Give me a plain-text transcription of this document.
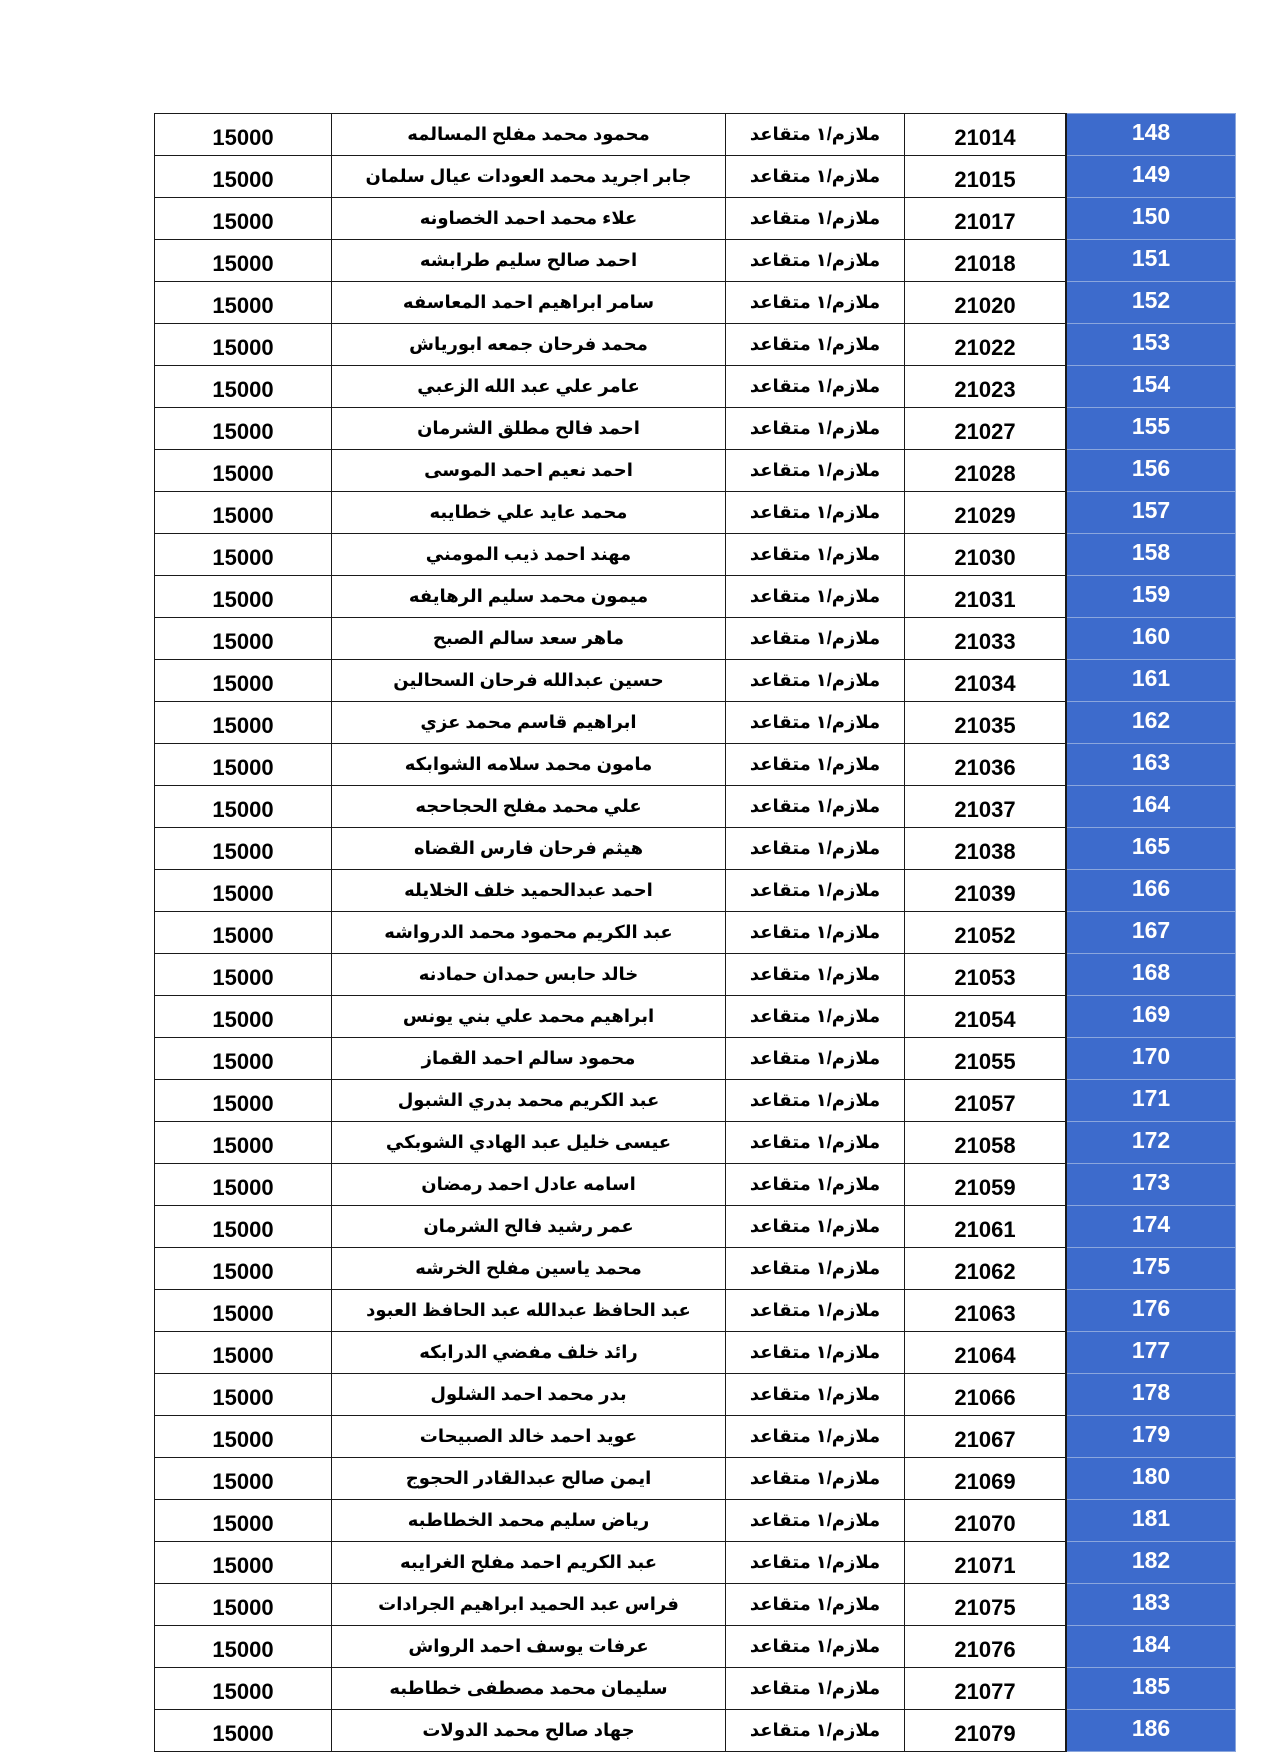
15000	محمود محمد مفلح المسالمه	ملازم/١ متقاعد	21014	148
15000	جابر اجريد محمد العودات عيال سلمان	ملازم/١ متقاعد	21015	149
15000	علاء محمد احمد الخصاونه	ملازم/١ متقاعد	21017	150
15000	احمد صالح سليم طرابشه	ملازم/١ متقاعد	21018	151
15000	سامر ابراهيم احمد المعاسفه	ملازم/١ متقاعد	21020	152
15000	محمد فرحان جمعه ابورياش	ملازم/١ متقاعد	21022	153
15000	عامر علي عبد الله الزعبي	ملازم/١ متقاعد	21023	154
15000	احمد فالح مطلق الشرمان	ملازم/١ متقاعد	21027	155
15000	احمد نعيم احمد الموسى	ملازم/١ متقاعد	21028	156
15000	محمد عايد علي خطايبه	ملازم/١ متقاعد	21029	157
15000	مهند احمد ذيب المومني	ملازم/١ متقاعد	21030	158
15000	ميمون محمد سليم الرهايفه	ملازم/١ متقاعد	21031	159
15000	ماهر سعد سالم الصبح	ملازم/١ متقاعد	21033	160
15000	حسين عبدالله فرحان السحالين	ملازم/١ متقاعد	21034	161
15000	ابراهيم قاسم محمد عزي	ملازم/١ متقاعد	21035	162
15000	مامون محمد سلامه الشوابكه	ملازم/١ متقاعد	21036	163
15000	علي محمد مفلح الحجاحجه	ملازم/١ متقاعد	21037	164
15000	هيثم فرحان فارس القضاه	ملازم/١ متقاعد	21038	165
15000	احمد عبدالحميد خلف الخلايله	ملازم/١ متقاعد	21039	166
15000	عبد الكريم محمود محمد الدرواشه	ملازم/١ متقاعد	21052	167
15000	خالد حابس حمدان حمادنه	ملازم/١ متقاعد	21053	168
15000	ابراهيم محمد علي بني يونس	ملازم/١ متقاعد	21054	169
15000	محمود سالم احمد القماز	ملازم/١ متقاعد	21055	170
15000	عبد الكريم محمد بدري الشبول	ملازم/١ متقاعد	21057	171
15000	عيسى خليل عبد الهادي الشوبكي	ملازم/١ متقاعد	21058	172
15000	اسامه عادل احمد رمضان	ملازم/١ متقاعد	21059	173
15000	عمر رشيد فالح الشرمان	ملازم/١ متقاعد	21061	174
15000	محمد ياسين مفلح الخرشه	ملازم/١ متقاعد	21062	175
15000	عبد الحافظ عبدالله عبد الحافظ العبود	ملازم/١ متقاعد	21063	176
15000	رائد خلف مفضي الدرابكه	ملازم/١ متقاعد	21064	177
15000	بدر محمد احمد الشلول	ملازم/١ متقاعد	21066	178
15000	عويد احمد خالد الصبيحات	ملازم/١ متقاعد	21067	179
15000	ايمن صالح عبدالقادر الحجوج	ملازم/١ متقاعد	21069	180
15000	رياض سليم محمد الخطاطبه	ملازم/١ متقاعد	21070	181
15000	عبد الكريم احمد مفلح الغرايبه	ملازم/١ متقاعد	21071	182
15000	فراس عبد الحميد ابراهيم الجرادات	ملازم/١ متقاعد	21075	183
15000	عرفات يوسف احمد الرواش	ملازم/١ متقاعد	21076	184
15000	سليمان محمد مصطفى خطاطبه	ملازم/١ متقاعد	21077	185
15000	جهاد صالح محمد الدولات	ملازم/١ متقاعد	21079	186
